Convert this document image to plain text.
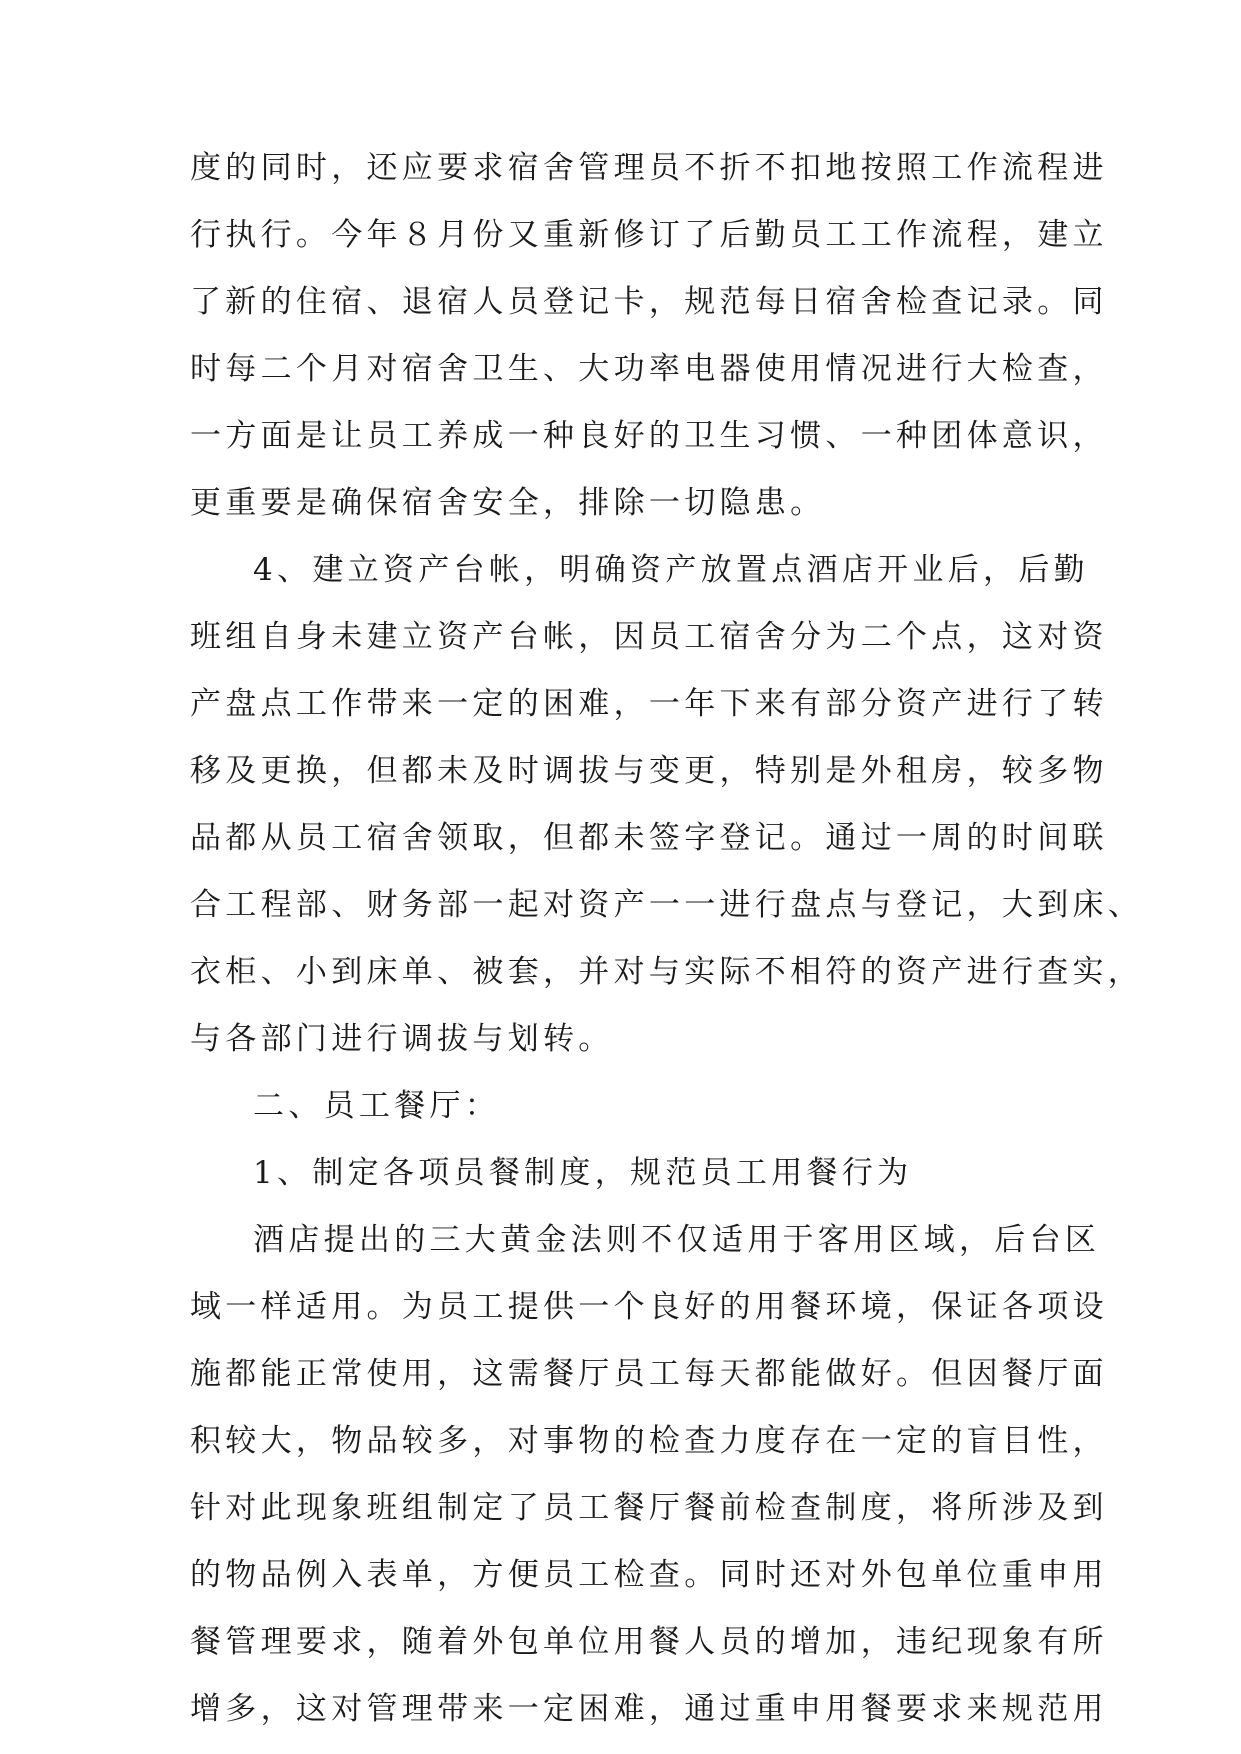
度的同时，还应要求宿舍管理员不折不扣地按照工作流程进
行执行。今年８月份又重新修订了后勤员工工作流程，建立
了新的住宿、退宿人员登记卡，规范每日宿舍检查记录。同
时每二个月对宿舍卫生、大功率电器使用情况进行大检查，
一方面是让员工养成一种良好的卫生习惯、一种团体意识，
更重要是确保宿舍安全，排除一切隐患。
4、建立资产台帐，明确资产放置点酒店开业后，后勤
班组自身未建立资产台帐，因员工宿舍分为二个点，这对资
产盘点工作带来一定的困难，一年下来有部分资产进行了转
移及更换，但都未及时调拔与变更，特别是外租房，较多物
品都从员工宿舍领取，但都未签字登记。通过一周的时间联
合工程部、财务部一起对资产一一进行盘点与登记，大到床、
衣柜、小到床单、被套，并对与实际不相符的资产进行查实，
与各部门进行调拔与划转。
二、员工餐厅：
1、制定各项员餐制度，规范员工用餐行为
酒店提出的三大黄金法则不仅适用于客用区域，后台区
域一样适用。为员工提供一个良好的用餐环境，保证各项设
施都能正常使用，这需餐厅员工每天都能做好。但因餐厅面
积较大，物品较多，对事物的检查力度存在一定的盲目性，
针对此现象班组制定了员工餐厅餐前检查制度，将所涉及到
的物品例入表单，方便员工检查。同时还对外包单位重申用
餐管理要求，随着外包单位用餐人员的增加，违纪现象有所
增多，这对管理带来一定困难，通过重申用餐要求来规范用
